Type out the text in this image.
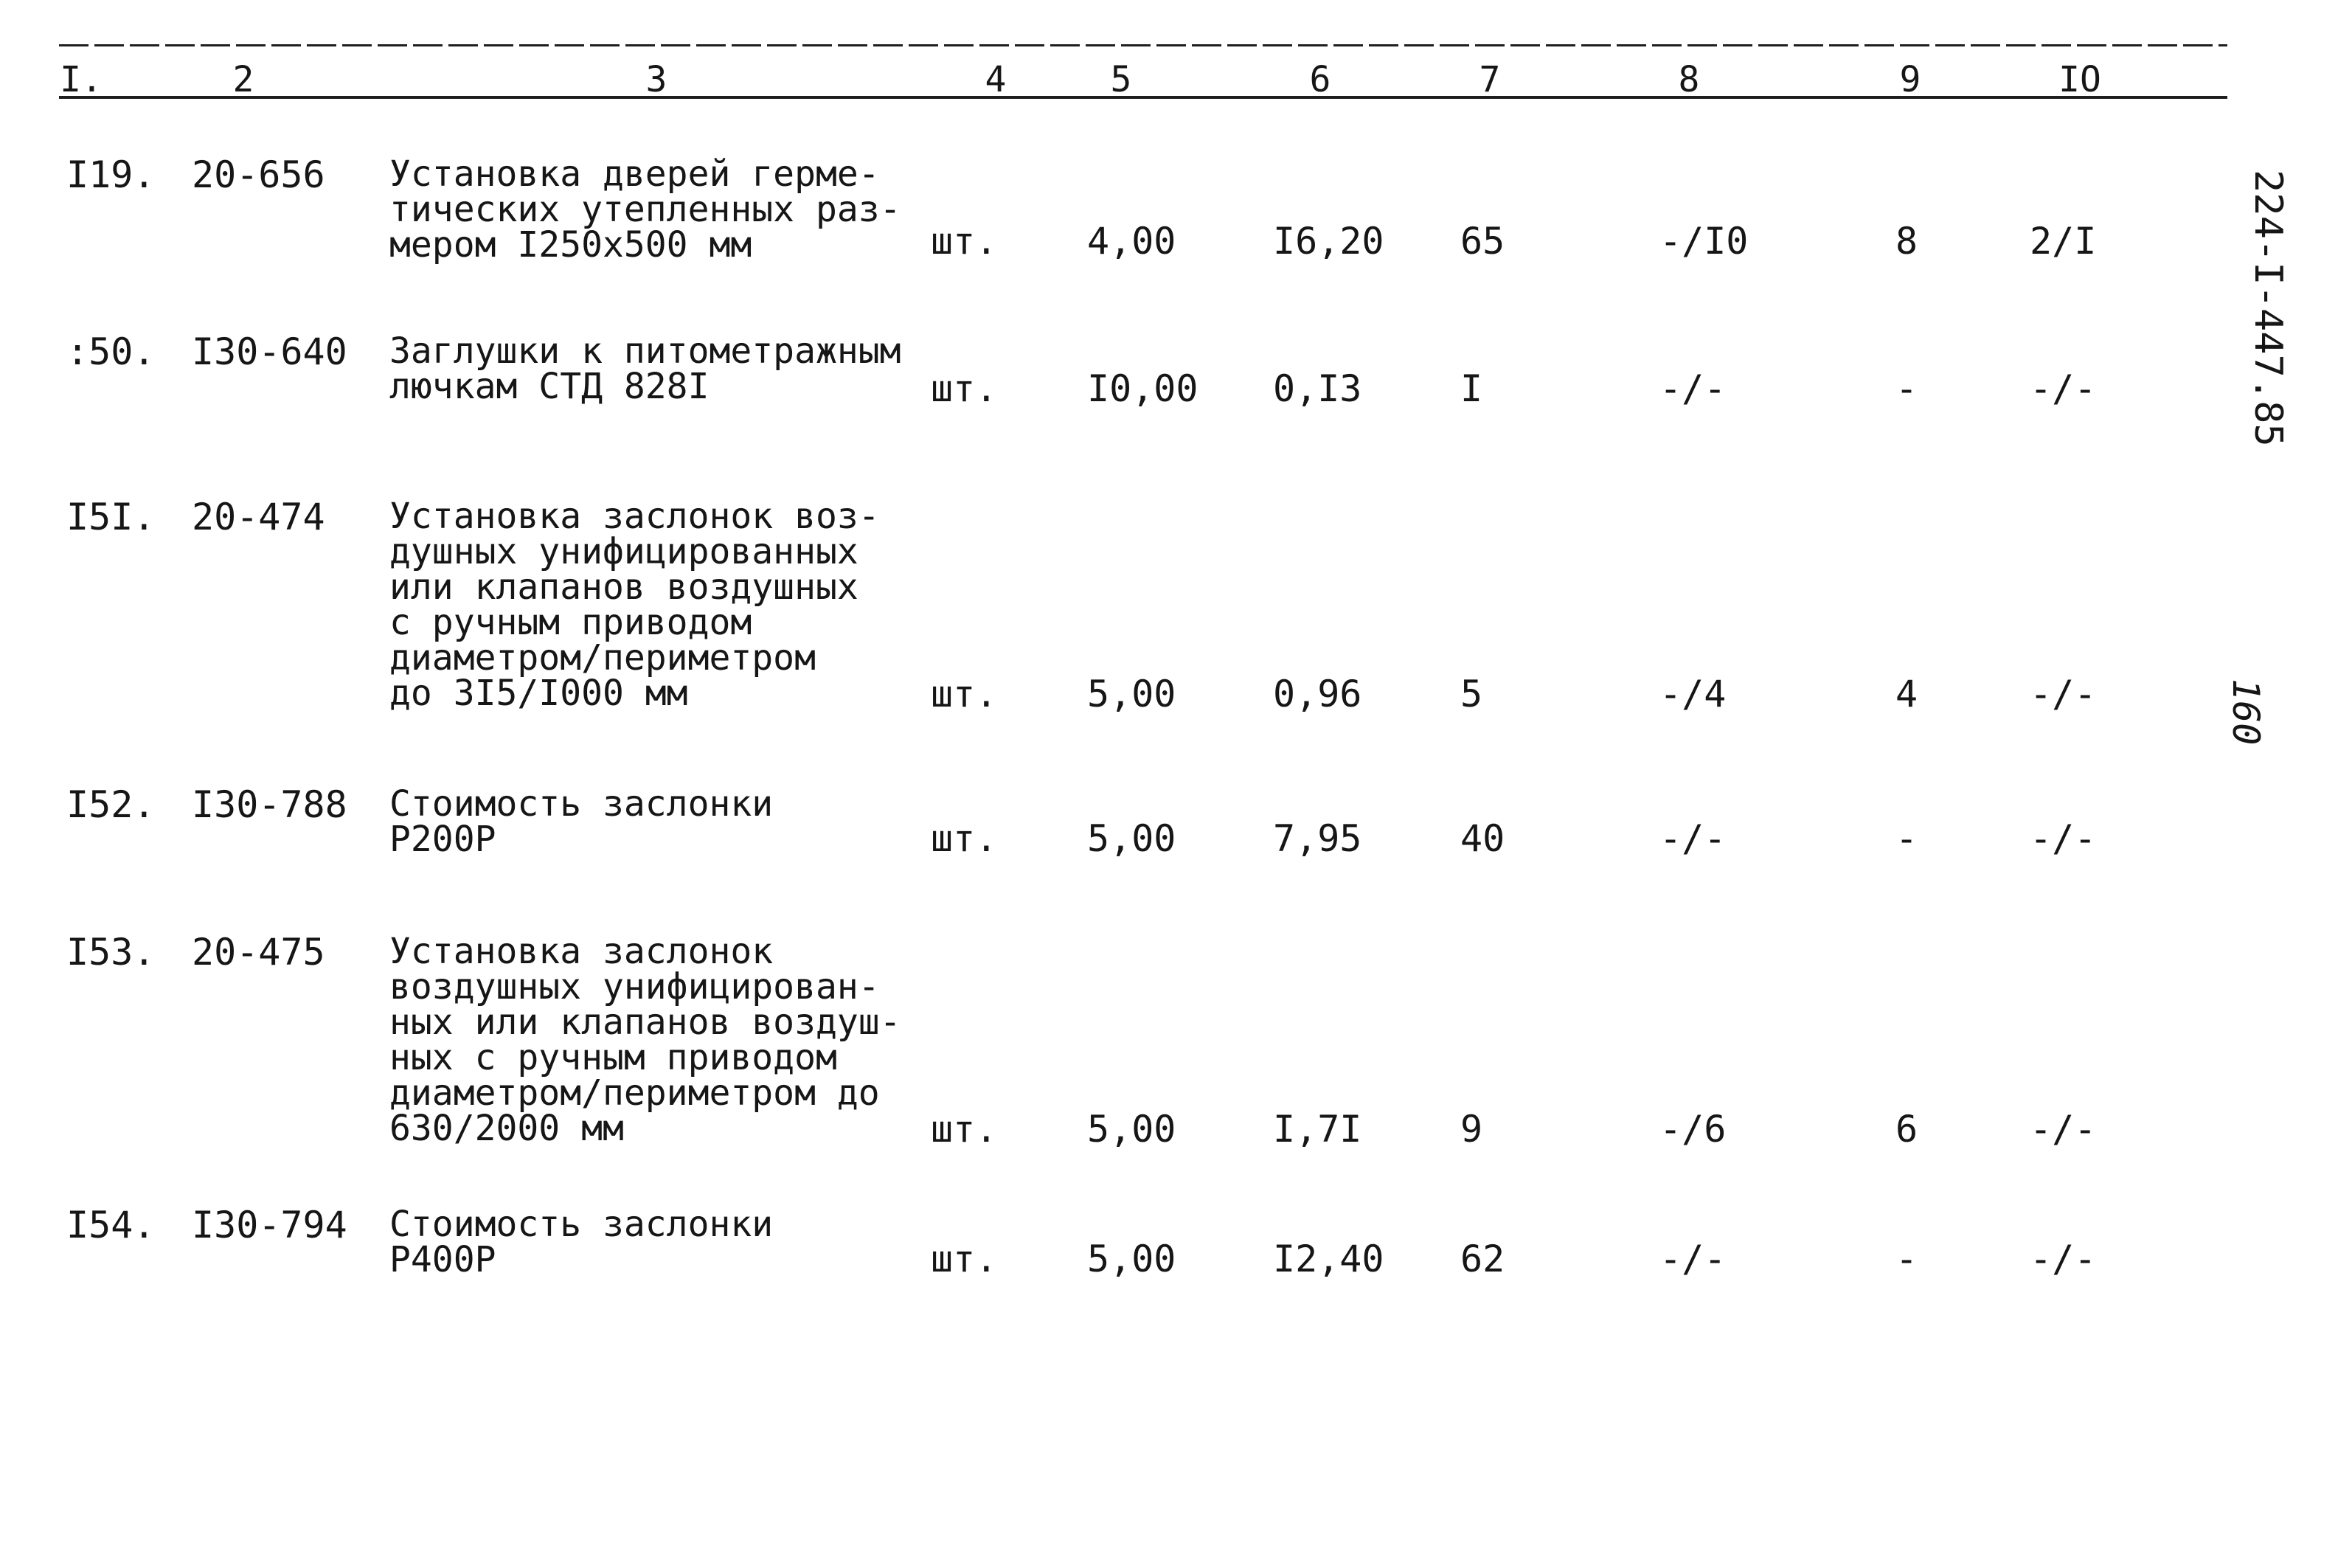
I.	2	3	4	5	6	7	8	9	IO
I19. 20-656 Установка дверей герме-
тических утепленных раз-
мером I250x500 мм	шт. 4,00	I6,20 65	-/I0	8	2/I
:50. I30-640 Заглушки к питометражным
лючкам СТД 828I	шт. I0,00 0,I3	I	-/-	-	-/-
I5I. 20-474 Установка заслонок воз-
душных унифицированных
или клапанов воздушных
с ручным приводом
диаметром/периметром
до 3I5/I000 мм	шт. 5,00	0,96	5	-/4	4	-/-
I52. I30-788 Стоимость заслонки
Р200Р	шт. 5,00	7,95	40	-/-	-	-/-
I53. 20-475 Установка заслонок
воздушных унифицирован-
ных или клапанов воздуш-
ных с ручным приводом
диаметром/периметром до
630/2000 мм	шт. 5,00	I,7I	9	-/6	6	-/-
I54. I30-794 Стоимость заслонки
Р400Р	шт. 5,00	I2,40 62	-/-	-	-/-
224-I-447.85
160
